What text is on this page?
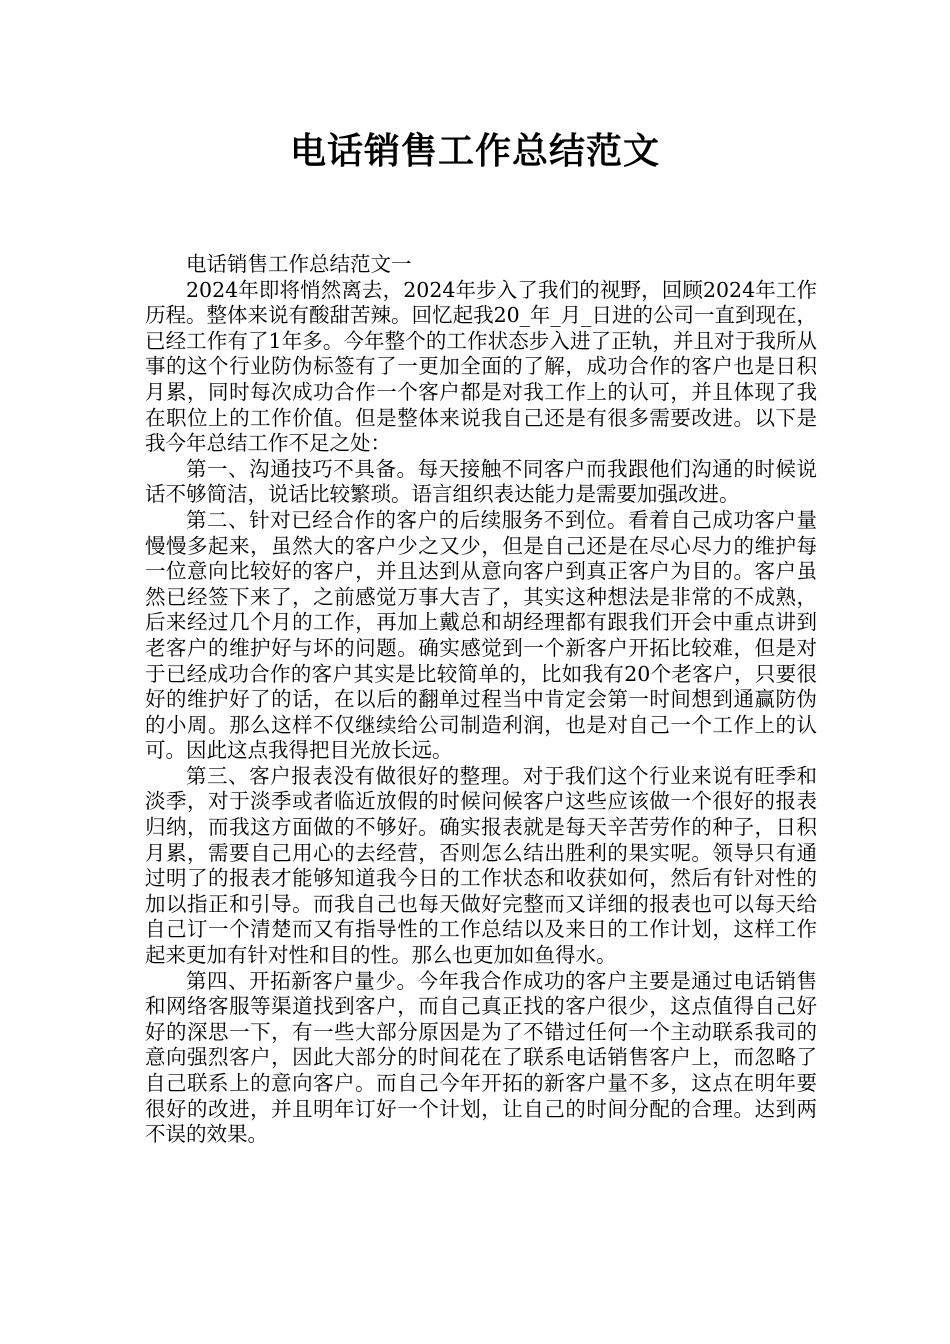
电话销售工作总结范文

电话销售工作总结范文一

2024年即将悄然离去，2024年步入了我们的视野，回顾2024年工作历程。整体来说有酸甜苦辣。回忆起我20_年_月_日进的公司一直到现在，已经工作有了1年多。今年整个的工作状态步入进了正轨，并且对于我所从事的这个行业防伪标签有了一更加全面的了解，成功合作的客户也是日积月累，同时每次成功合作一个客户都是对我工作上的认可，并且体现了我在职位上的工作价值。但是整体来说我自己还是有很多需要改进。以下是我今年总结工作不足之处：

第一、沟通技巧不具备。每天接触不同客户而我跟他们沟通的时候说话不够简洁，说话比较繁琐。语言组织表达能力是需要加强改进。

第二、针对已经合作的客户的后续服务不到位。看着自己成功客户量慢慢多起来，虽然大的客户少之又少，但是自己还是在尽心尽力的维护每一位意向比较好的客户，并且达到从意向客户到真正客户为目的。客户虽然已经签下来了，之前感觉万事大吉了，其实这种想法是非常的不成熟，后来经过几个月的工作，再加上戴总和胡经理都有跟我们开会中重点讲到老客户的维护好与坏的问题。确实感觉到一个新客户开拓比较难，但是对于已经成功合作的客户其实是比较简单的，比如我有20个老客户，只要很好的维护好了的话，在以后的翻单过程当中肯定会第一时间想到通赢防伪的小周。那么这样不仅继续给公司制造利润，也是对自己一个工作上的认可。因此这点我得把目光放长远。

第三、客户报表没有做很好的整理。对于我们这个行业来说有旺季和淡季，对于淡季或者临近放假的时候问候客户这些应该做一个很好的报表归纳，而我这方面做的不够好。确实报表就是每天辛苦劳作的种子，日积月累，需要自己用心的去经营，否则怎么结出胜利的果实呢。领导只有通过明了的报表才能够知道我今日的工作状态和收获如何，然后有针对性的加以指正和引导。而我自己也每天做好完整而又详细的报表也可以每天给自己订一个清楚而又有指导性的工作总结以及来日的工作计划，这样工作起来更加有针对性和目的性。那么也更加如鱼得水。

第四、开拓新客户量少。今年我合作成功的客户主要是通过电话销售和网络客服等渠道找到客户，而自己真正找的客户很少，这点值得自己好好的深思一下，有一些大部分原因是为了不错过任何一个主动联系我司的意向强烈客户，因此大部分的时间花在了联系电话销售客户上，而忽略了自己联系上的意向客户。而自己今年开拓的新客户量不多，这点在明年要很好的改进，并且明年订好一个计划，让自己的时间分配的合理。达到两不误的效果。
